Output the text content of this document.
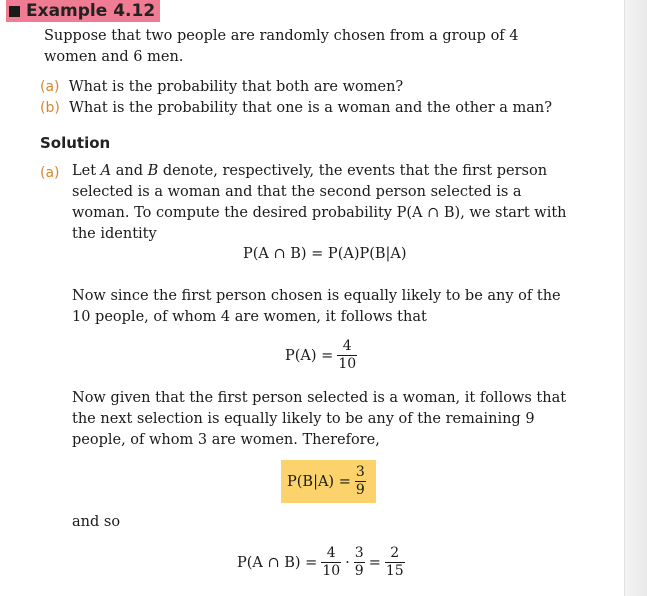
Example 4.12

Suppose that two people are randomly chosen from a group of 4 women and 6 men.

(a) What is the probability that both are women?
(b) What is the probability that one is a woman and the other a man?
Solution
(a) Let A and B denote, respectively, the events that the first person selected is a woman and that the second person selected is a woman. To compute the desired probability P(A ∩ B), we start with the identity

P(A ∩ B) = P(A)P(B|A)

Now since the first person chosen is equally likely to be any of the 10 people, of whom 4 are women, it follows that

$P(A) = \frac{4}{10}$

Now given that the first person selected is a woman, it follows that the next selection is equally likely to be any of the remaining 9 people, of whom 3 are women. Therefore,

$P(B|A) = \frac{3}{9}$

and so

P(A ∩ $B) = \frac{4}{10} \cdot \frac{3}{9} = \frac{2}{15}$
